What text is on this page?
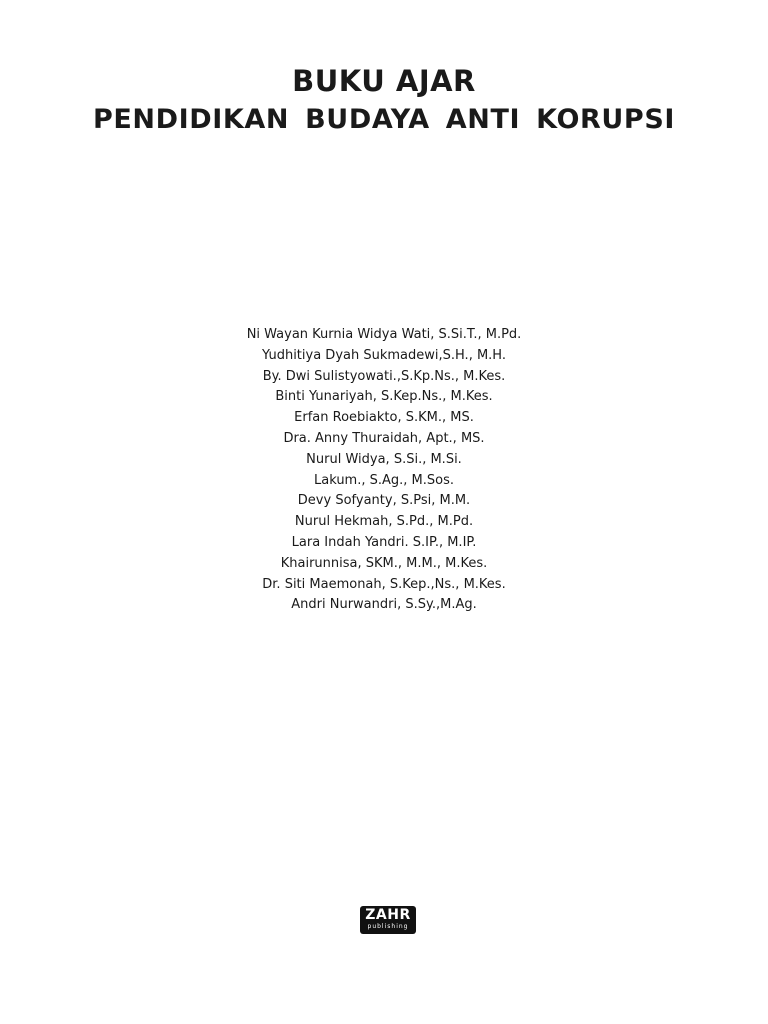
BUKU AJAR
PENDIDIKAN BUDAYA ANTI KORUPSI
Ni Wayan Kurnia Widya Wati, S.Si.T., M.Pd.
Yudhitiya Dyah Sukmadewi,S.H., M.H.
By. Dwi Sulistyowati.,S.Kp.Ns., M.Kes.
Binti Yunariyah, S.Kep.Ns., M.Kes.
Erfan Roebiakto, S.KM., MS.
Dra. Anny Thuraidah, Apt., MS.
Nurul Widya, S.Si., M.Si.
Lakum., S.Ag., M.Sos.
Devy Sofyanty, S.Psi, M.M.
Nurul Hekmah, S.Pd., M.Pd.
Lara Indah Yandri. S.IP., M.IP.
Khairunnisa, SKM., M.M., M.Kes.
Dr. Siti Maemonah, S.Kep.,Ns., M.Kes.
Andri Nurwandri, S.Sy.,M.Ag.
ZAHR
publishing
